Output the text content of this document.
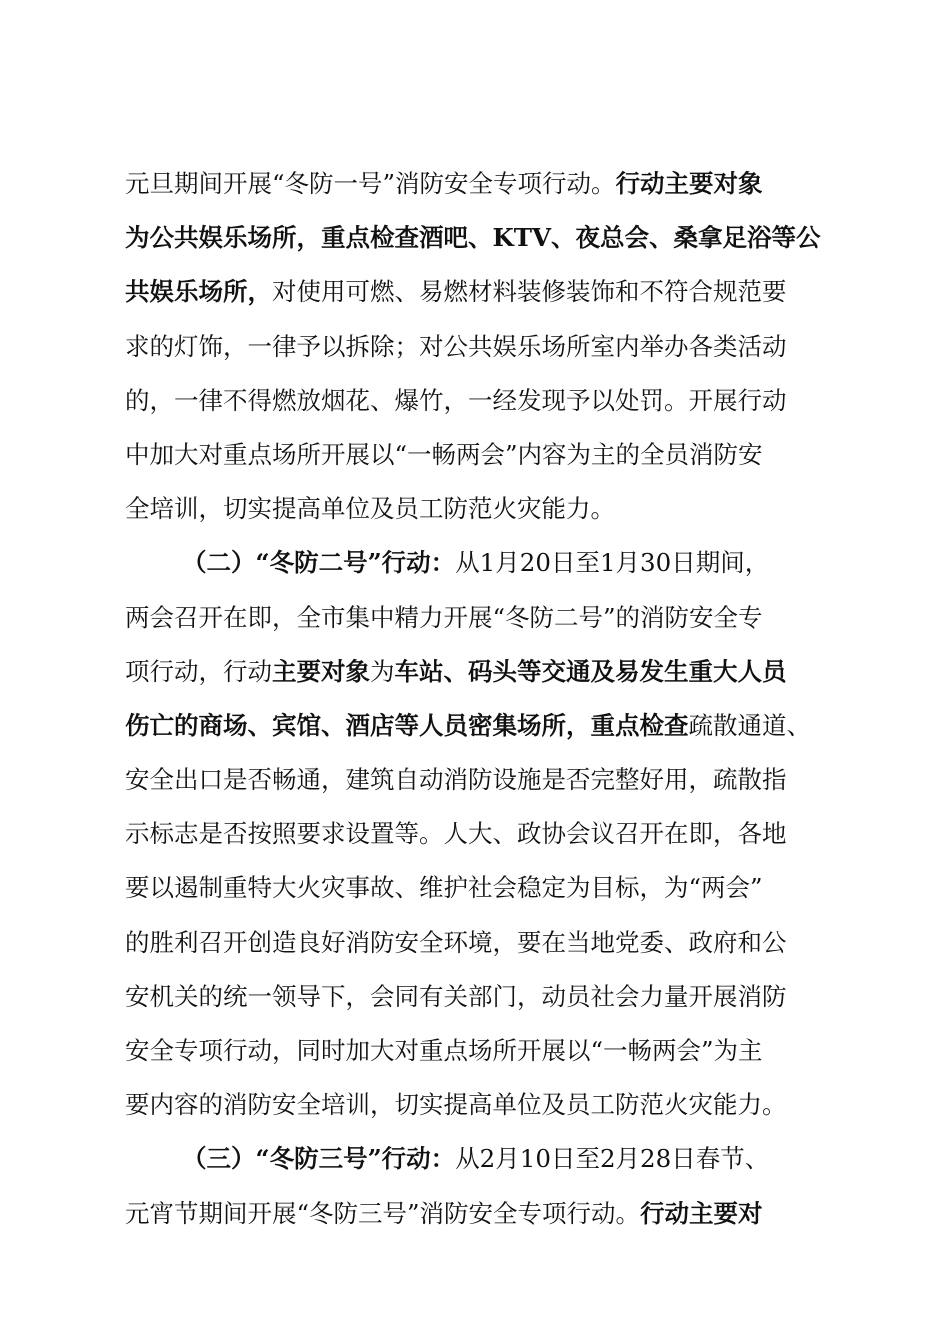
元旦期间开展“冬防一号”消防安全专项行动。行动主要对象
为公共娱乐场所，重点检查酒吧、KTV、夜总会、桑拿足浴等公
共娱乐场所，对使用可燃、易燃材料装修装饰和不符合规范要
求的灯饰，一律予以拆除；对公共娱乐场所室内举办各类活动
的，一律不得燃放烟花、爆竹，一经发现予以处罚。开展行动
中加大对重点场所开展以“一畅两会”内容为主的全员消防安
全培训，切实提高单位及员工防范火灾能力。
（二）“冬防二号”行动：从1月20日至1月30日期间，
两会召开在即，全市集中精力开展“冬防二号”的消防安全专
项行动，行动主要对象为车站、码头等交通及易发生重大人员
伤亡的商场、宾馆、酒店等人员密集场所，重点检查疏散通道、
安全出口是否畅通，建筑自动消防设施是否完整好用，疏散指
示标志是否按照要求设置等。人大、政协会议召开在即，各地
要以遏制重特大火灾事故、维护社会稳定为目标，为“两会”
的胜利召开创造良好消防安全环境，要在当地党委、政府和公
安机关的统一领导下，会同有关部门，动员社会力量开展消防
安全专项行动，同时加大对重点场所开展以“一畅两会”为主
要内容的消防安全培训，切实提高单位及员工防范火灾能力。
（三）“冬防三号”行动：从2月10日至2月28日春节、
元宵节期间开展“冬防三号”消防安全专项行动。行动主要对
